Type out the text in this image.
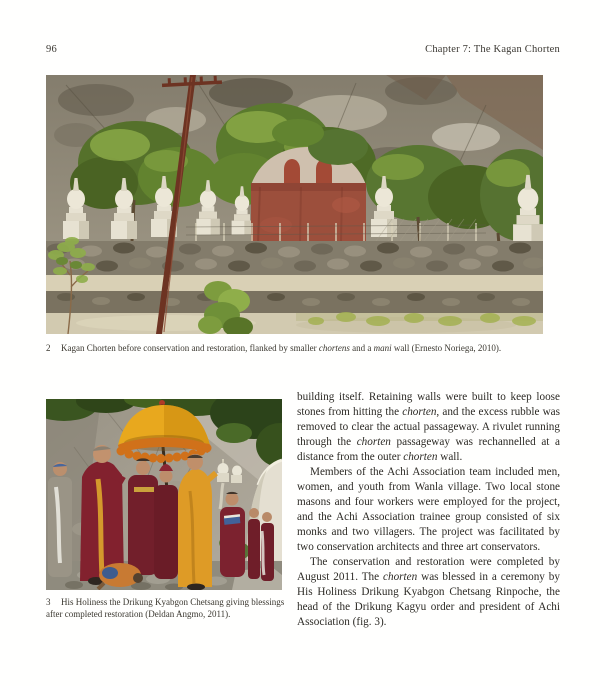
96	Chapter 7: The Kagan Chorten
2 Kagan Chorten before conservation and restoration, flanked by smaller chortens and a mani wall (Ernesto Noriega, 2010).
3 His Holiness the Drikung Kyabgon Chetsang giving blessings after completed restoration (Deldan Angmo, 2011).

building itself. Retaining walls were built to keep loose stones from hitting the chorten, and the excess rubble was removed to clear the actual passageway. A rivulet running through the chorten passageway was rechannelled at a distance from the outer chorten wall.

Members of the Achi Association team included men, women, and youth from Wanla village. Two local stone masons and four workers were employed for the project, and the Achi Association trainee group consisted of six monks and two villagers. The project was facilitated by two conservation architects and three art conservators.

The conservation and restoration were completed by August 2011. The chorten was blessed in a ceremony by His Holiness Drikung Kyabgon Chetsang Rinpoche, the head of the Drikung Kagyu order and president of Achi Association (fig. 3).
